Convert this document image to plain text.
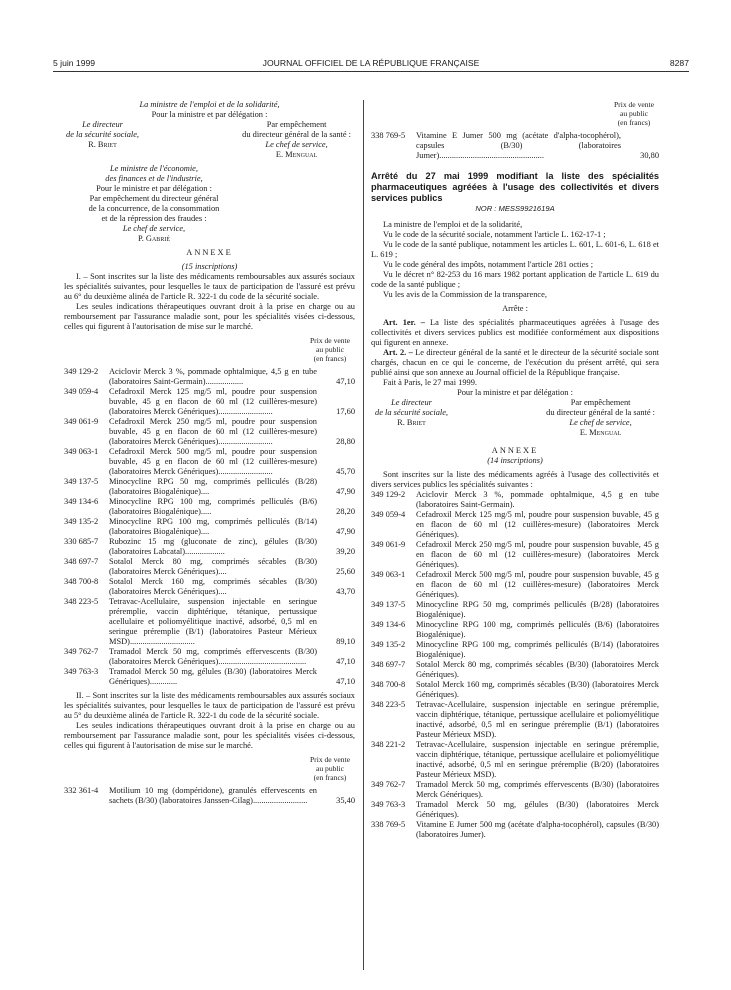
5 juin 1999	JOURNAL OFFICIEL DE LA RÉPUBLIQUE FRANÇAISE	8287

La ministre de l'emploi et de la solidarité,

Pour la ministre et par délégation :

Le directeur

de la sécurité sociale,

R. Briet

Par empêchement

du directeur général de la santé :

Le chef de service,

E. Mengual

Le ministre de l'économie,

des finances et de l'industrie,

Pour le ministre et par délégation :

Par empêchement du directeur général

de la concurrence, de la consommation

et de la répression des fraudes :

Le chef de service,

P. Gabrié

ANNEXE

(15 inscriptions)

I. – Sont inscrites sur la liste des médicaments remboursables aux assurés sociaux les spécialités suivantes, pour lesquelles le taux de participation de l'assuré est prévu au 6° du deuxième alinéa de l'article R. 322-1 du code de la sécurité sociale.

Les seules indications thérapeutiques ouvrant droit à la prise en charge ou au remboursement par l'assurance maladie sont, pour les spécialités visées ci-dessous, celles qui figurent à l'autorisation de mise sur le marché.

Prix de vente
au public
(en francs)
349 129-2	Aciclovir Merck 3 %, pommade ophtalmique, 4,5 g en tube (laboratoires Saint-Germain)..................	47,10
349 059-4	Cefadroxil Merck 125 mg/5 ml, poudre pour suspension buvable, 45 g en flacon de 60 ml (12 cuillères-mesure) (laboratoires Merck Génériques)..........................	17,60
349 061-9	Cefadroxil Merck 250 mg/5 ml, poudre pour suspension buvable, 45 g en flacon de 60 ml (12 cuillères-mesure) (laboratoires Merck Génériques)..........................	28,80
349 063-1	Cefadroxil Merck 500 mg/5 ml, poudre pour suspension buvable, 45 g en flacon de 60 ml (12 cuillères-mesure) (laboratoires Merck Génériques)..........................	45,70
349 137-5	Minocycline RPG 50 mg, comprimés pelliculés (B/28) (laboratoires Biogalénique)....	47,90
349 134-6	Minocycline RPG 100 mg, comprimés pelliculés (B/6) (laboratoires Biogalénique).....	28,20
349 135-2	Minocycline RPG 100 mg, comprimés pelliculés (B/14) (laboratoires Biogalénique)....	47,90
330 685-7	Rubozinc 15 mg (gluconate de zinc), gélules (B/30) (laboratoires Labcatal)...................	39,20
348 697-7	Sotalol Merck 80 mg, comprimés sécables (B/30) (laboratoires Merck Génériques)....	25,60
348 700-8	Sotalol Merck 160 mg, comprimés sécables (B/30) (laboratoires Merck Génériques)....	43,70
348 223-5	Tetravac-Acellulaire, suspension injectable en seringue préremplie, vaccin diphtérique, tétanique, pertussique acellulaire et poliomyélitique inactivé, adsorbé, 0,5 ml en seringue préremplie (B/1) (laboratoires Pasteur Mérieux MSD)...............................	89,10
349 762-7	Tramadol Merck 50 mg, comprimés effervescents (B/30) (laboratoires Merck Génériques)..........................................	47,10
349 763-3	Tramadol Merck 50 mg, gélules (B/30) (laboratoires Merck Génériques).............	47,10

II. – Sont inscrites sur la liste des médicaments remboursables aux assurés sociaux les spécialités suivantes, pour lesquelles le taux de participation de l'assuré est prévu au 5° du deuxième alinéa de l'article R. 322-1 du code de la sécurité sociale.

Les seules indications thérapeutiques ouvrant droit à la prise en charge ou au remboursement par l'assurance maladie sont, pour les spécialités visées ci-dessous, celles qui figurent à l'autorisation de mise sur le marché.

Prix de vente
au public
(en francs)
332 361-4	Motilium 10 mg (dompéridone), granulés effervescents en sachets (B/30) (laboratoires Janssen-Cilag)..........................	35,40
Prix de vente
au public
(en francs)
338 769-5	Vitamine E Jumer 500 mg (acétate d'alpha-tocophérol), capsules (B/30) (laboratoires Jumer)..................................................	30,80

Arrêté du 27 mai 1999 modifiant la liste des spécialités pharmaceutiques agréées à l'usage des collectivités et divers services publics

NOR : MESS9921619A

La ministre de l'emploi et de la solidarité,

Vu le code de la sécurité sociale, notamment l'article L. 162-17-1 ;

Vu le code de la santé publique, notamment les articles L. 601, L. 601-6, L. 618 et L. 619 ;

Vu le code général des impôts, notamment l'article 281 octies ;

Vu le décret n° 82-253 du 16 mars 1982 portant application de l'article L. 619 du code de la santé publique ;

Vu les avis de la Commission de la transparence,

Arrête :

Art. 1er. – La liste des spécialités pharmaceutiques agréées à l'usage des collectivités et divers services publics est modifiée conformément aux dispositions qui figurent en annexe.

Art. 2. – Le directeur général de la santé et le directeur de la sécurité sociale sont chargés, chacun en ce qui le concerne, de l'exécution du présent arrêté, qui sera publié ainsi que son annexe au Journal officiel de la République française.

Fait à Paris, le 27 mai 1999.

Pour la ministre et par délégation :

Le directeur

de la sécurité sociale,

R. Briet

Par empêchement

du directeur général de la santé :

Le chef de service,

E. Mengual

ANNEXE

(14 inscriptions)

Sont inscrites sur la liste des médicaments agréés à l'usage des collectivités et divers services publics les spécialités suivantes :

349 129-2	Aciclovir Merck 3 %, pommade ophtalmique, 4,5 g en tube (laboratoires Saint-Germain).
349 059-4	Cefadroxil Merck 125 mg/5 ml, poudre pour suspension buvable, 45 g en flacon de 60 ml (12 cuillères-mesure) (laboratoires Merck Génériques).
349 061-9	Cefadroxil Merck 250 mg/5 ml, poudre pour suspension buvable, 45 g en flacon de 60 ml (12 cuillères-mesure) (laboratoires Merck Génériques).
349 063-1	Cefadroxil Merck 500 mg/5 ml, poudre pour suspension buvable, 45 g en flacon de 60 ml (12 cuillères-mesure) (laboratoires Merck Génériques).
349 137-5	Minocycline RPG 50 mg, comprimés pelliculés (B/28) (laboratoires Biogalénique).
349 134-6	Minocycline RPG 100 mg, comprimés pelliculés (B/6) (laboratoires Biogalénique).
349 135-2	Minocycline RPG 100 mg, comprimés pelliculés (B/14) (laboratoires Biogalénique).
348 697-7	Sotalol Merck 80 mg, comprimés sécables (B/30) (laboratoires Merck Génériques).
348 700-8	Sotalol Merck 160 mg, comprimés sécables (B/30) (laboratoires Merck Génériques).
348 223-5	Tetravac-Acellulaire, suspension injectable en seringue préremplie, vaccin diphtérique, tétanique, pertussique acellulaire et poliomyélitique inactivé, adsorbé, 0,5 ml en seringue préremplie (B/1) (laboratoires Pasteur Mérieux MSD).
348 221-2	Tetravac-Acellulaire, suspension injectable en seringue préremplie, vaccin diphtérique, tétanique, pertussique acellulaire et poliomyélitique inactivé, adsorbé, 0,5 ml en seringue préremplie (B/20) (laboratoires Pasteur Mérieux MSD).
349 762-7	Tramadol Merck 50 mg, comprimés effervescents (B/30) (laboratoires Merck Génériques).
349 763-3	Tramadol Merck 50 mg, gélules (B/30) (laboratoires Merck Génériques).
338 769-5	Vitamine E Jumer 500 mg (acétate d'alpha-tocophérol), capsules (B/30) (laboratoires Jumer).
